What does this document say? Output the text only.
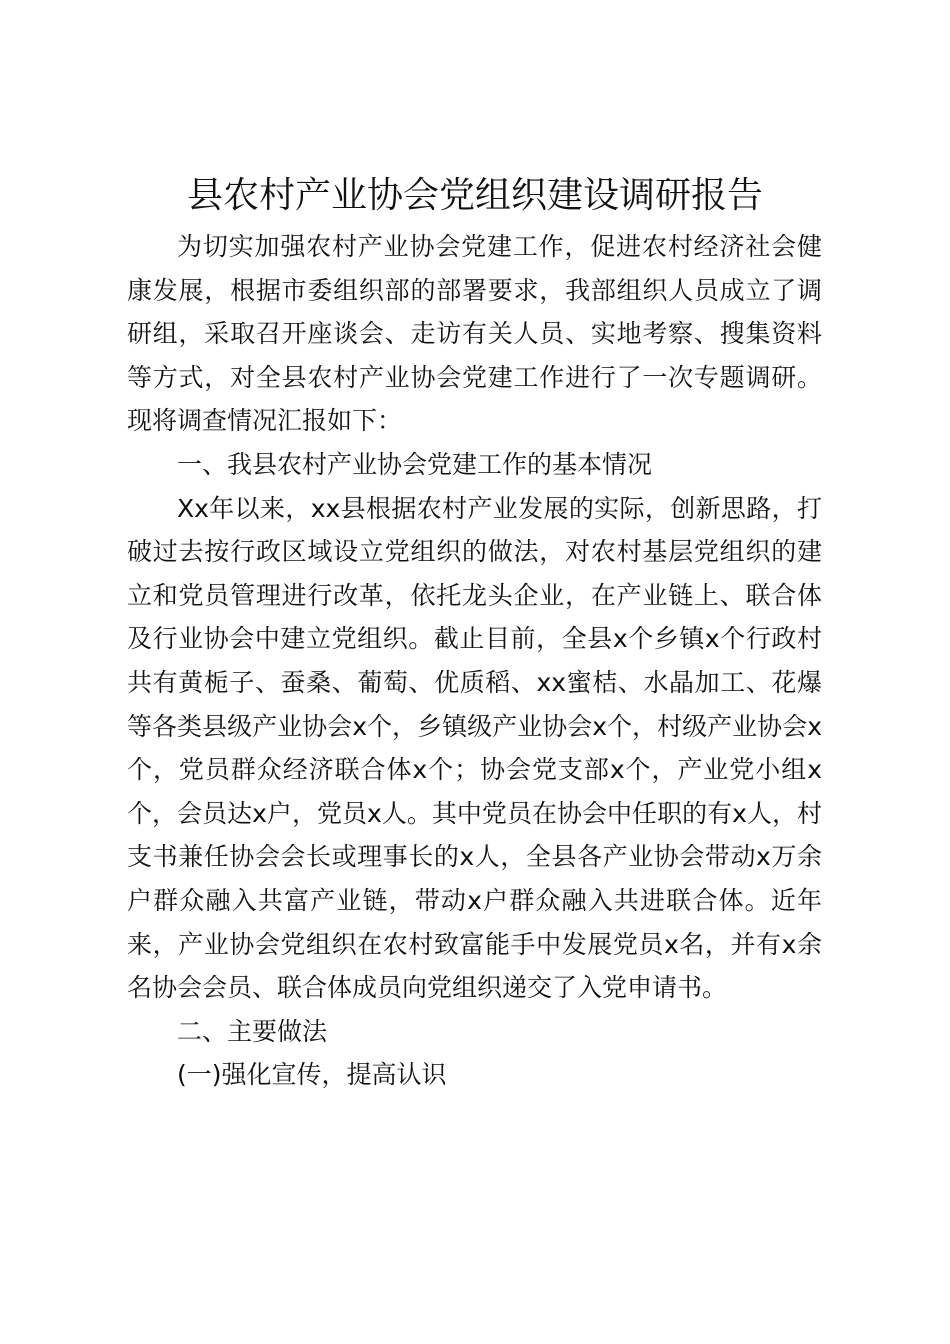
县农村产业协会党组织建设调研报告

为切实加强农村产业协会党建工作，促进农村经济社会健康发展，根据市委组织部的部署要求，我部组织人员成立了调研组，采取召开座谈会、走访有关人员、实地考察、搜集资料等方式，对全县农村产业协会党建工作进行了一次专题调研。现将调查情况汇报如下：

一、我县农村产业协会党建工作的基本情况

Xx年以来，xx县根据农村产业发展的实际，创新思路，打破过去按行政区域设立党组织的做法，对农村基层党组织的建立和党员管理进行改革，依托龙头企业，在产业链上、联合体及行业协会中建立党组织。截止目前，全县x个乡镇x个行政村共有黄栀子、蚕桑、葡萄、优质稻、xx蜜桔、水晶加工、花爆等各类县级产业协会x个，乡镇级产业协会x个，村级产业协会x个，党员群众经济联合体x个；协会党支部x个，产业党小组x个，会员达x户，党员x人。其中党员在协会中任职的有x人，村支书兼任协会会长或理事长的x人，全县各产业协会带动x万余户群众融入共富产业链，带动x户群众融入共进联合体。近年来，产业协会党组织在农村致富能手中发展党员x名，并有x余名协会会员、联合体成员向党组织递交了入党申请书。

二、主要做法

(一)强化宣传，提高认识
